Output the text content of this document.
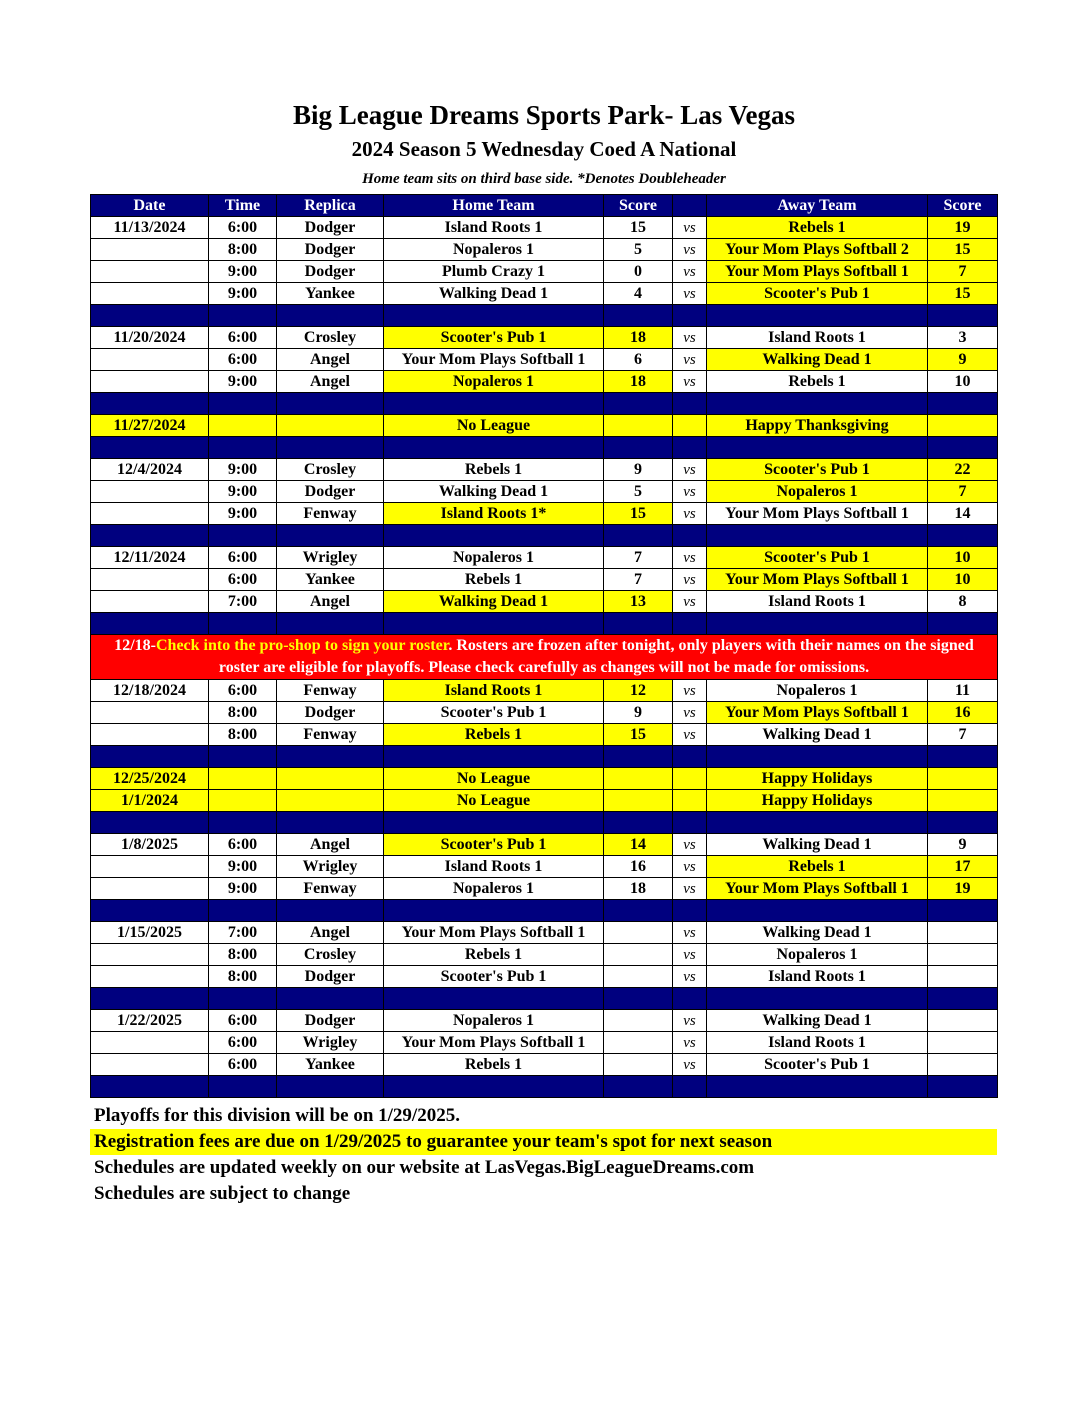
Big League Dreams Sports Park- Las Vegas
2024 Season 5 Wednesday Coed A National
Home team sits on third base side. *Denotes Doubleheader
Date	Time	Replica	Home Team	Score		Away Team	Score
11/13/2024	6:00	Dodger	Island Roots 1	15	vs	Rebels 1	19
	8:00	Dodger	Nopaleros 1	5	vs	Your Mom Plays Softball 2	15
	9:00	Dodger	Plumb Crazy 1	0	vs	Your Mom Plays Softball 1	7
	9:00	Yankee	Walking Dead 1	4	vs	Scooter's Pub 1	15

11/20/2024	6:00	Crosley	Scooter's Pub 1	18	vs	Island Roots 1	3
	6:00	Angel	Your Mom Plays Softball 1	6	vs	Walking Dead 1	9
	9:00	Angel	Nopaleros 1	18	vs	Rebels 1	10

11/27/2024			No League			Happy Thanksgiving	

12/4/2024	9:00	Crosley	Rebels 1	9	vs	Scooter's Pub 1	22
	9:00	Dodger	Walking Dead 1	5	vs	Nopaleros 1	7
	9:00	Fenway	Island Roots 1*	15	vs	Your Mom Plays Softball 1	14

12/11/2024	6:00	Wrigley	Nopaleros 1	7	vs	Scooter's Pub 1	10
	6:00	Yankee	Rebels 1	7	vs	Your Mom Plays Softball 1	10
	7:00	Angel	Walking Dead 1	13	vs	Island Roots 1	8

12/18-Check into the pro-shop to sign your roster. Rosters are frozen after tonight, only players with their names on the signed roster are eligible for playoffs. Please check carefully as changes will not be made for omissions.							
12/18/2024	6:00	Fenway	Island Roots 1	12	vs	Nopaleros 1	11
	8:00	Dodger	Scooter's Pub 1	9	vs	Your Mom Plays Softball 1	16
	8:00	Fenway	Rebels 1	15	vs	Walking Dead 1	7

12/25/2024			No League			Happy Holidays	
1/1/2024			No League			Happy Holidays	

1/8/2025	6:00	Angel	Scooter's Pub 1	14	vs	Walking Dead 1	9
	9:00	Wrigley	Island Roots 1	16	vs	Rebels 1	17
	9:00	Fenway	Nopaleros 1	18	vs	Your Mom Plays Softball 1	19

1/15/2025	7:00	Angel	Your Mom Plays Softball 1		vs	Walking Dead 1	
	8:00	Crosley	Rebels 1		vs	Nopaleros 1	
	8:00	Dodger	Scooter's Pub 1		vs	Island Roots 1	

1/22/2025	6:00	Dodger	Nopaleros 1		vs	Walking Dead 1	
	6:00	Wrigley	Your Mom Plays Softball 1		vs	Island Roots 1	
	6:00	Yankee	Rebels 1		vs	Scooter's Pub 1	

Playoffs for this division will be on 1/29/2025.
Registration fees are due on 1/29/2025 to guarantee your team's spot for next season
Schedules are updated weekly on our website at LasVegas.BigLeagueDreams.com
Schedules are subject to change
